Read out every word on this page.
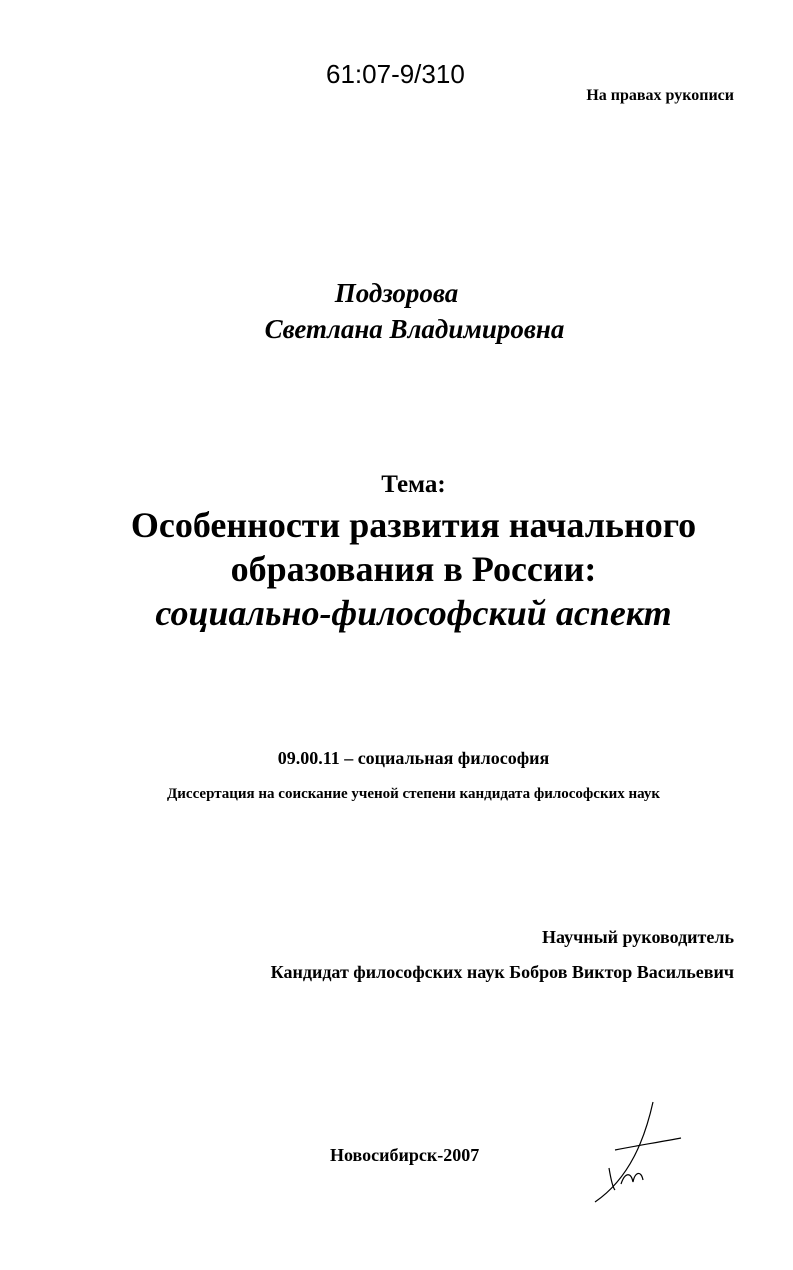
61:07-9/310
На правах рукописи
Подзорова
Светлана Владимировна
Тема:
Особенности развития начального
образования в России:
социально-философский аспект
09.00.11 – социальная философия
Диссертация на соискание ученой степени кандидата философских наук
Научный руководитель
Кандидат философских наук Бобров Виктор Васильевич
Новосибирск-2007
